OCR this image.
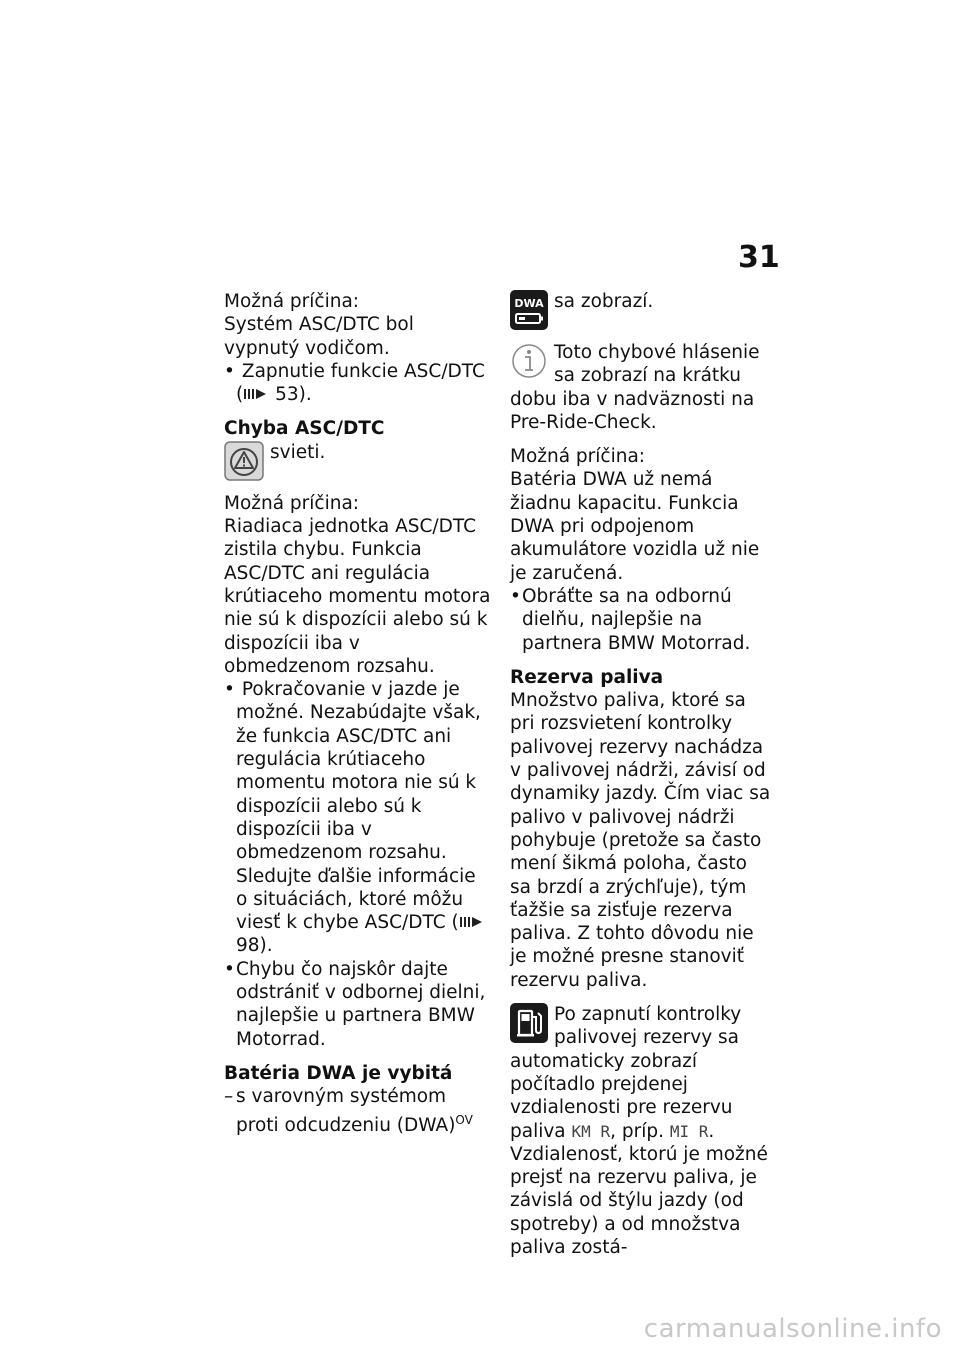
31

Možná príčina:

Systém ASC/DTC bol vypnutý vodičom.

• Zapnutie funkcie ASC/DTC
( 53).

Chyba ASC/DTC

svieti.

Možná príčina:

Riadiaca jednotka ASC/DTC zistila chybu. Funkcia ASC/DTC ani regulácia krútiaceho momentu motora nie sú k dispozícii alebo sú k dispozícii iba v obmedzenom rozsahu.

• Pokračovanie v jazde je možné. Nezabúdajte však, že funkcia ASC/DTC ani regulácia krútiaceho momentu motora nie sú k dispozícii alebo sú k dispozícii iba v obmedzenom rozsahu. Sledujte ďalšie informácie o situáciách, ktoré môžu viesť k chybe ASC/DTC ( 98).

• Chybu čo najskôr dajte odstrániť v odbornej dielni, najlepšie u partnera BMW Motorrad.

Batéria DWA je vybitá

– s varovným systémom proti odcudzeniu (DWA)$^{OV}$

DWA sa zobrazí.

Toto chybové hlásenie sa zobrazí na krátku dobu iba v nadväznosti na Pre-Ride-Check.

Možná príčina:

Batéria DWA už nemá žiadnu kapacitu. Funkcia DWA pri odpojenom akumulátore vozidla už nie je zaručená.

• Obráťte sa na odbornú dielňu, najlepšie na partnera BMW Motorrad.

Rezerva paliva

Množstvo paliva, ktoré sa pri rozsvietení kontrolky palivovej rezervy nachádza v palivovej nádrži, závisí od dynamiky jazdy. Čím viac sa palivo v palivovej nádrži pohybuje (pretože sa často mení šikmá poloha, často sa brzdí a zrýchľuje), tým ťažšie sa zisťuje rezerva paliva. Z tohto dôvodu nie je možné presne stanoviť rezervu paliva.

Po zapnutí kontrolky palivovej rezervy sa automaticky zobrazí počítadlo prejdenej vzdialenosti pre rezervu paliva KM R, príp. MI R. Vzdialenosť, ktorú je možné prejsť na rezervu paliva, je závislá od štýlu jazdy (od spotreby) a od množstva paliva zostá-

carmanualsonline.info
